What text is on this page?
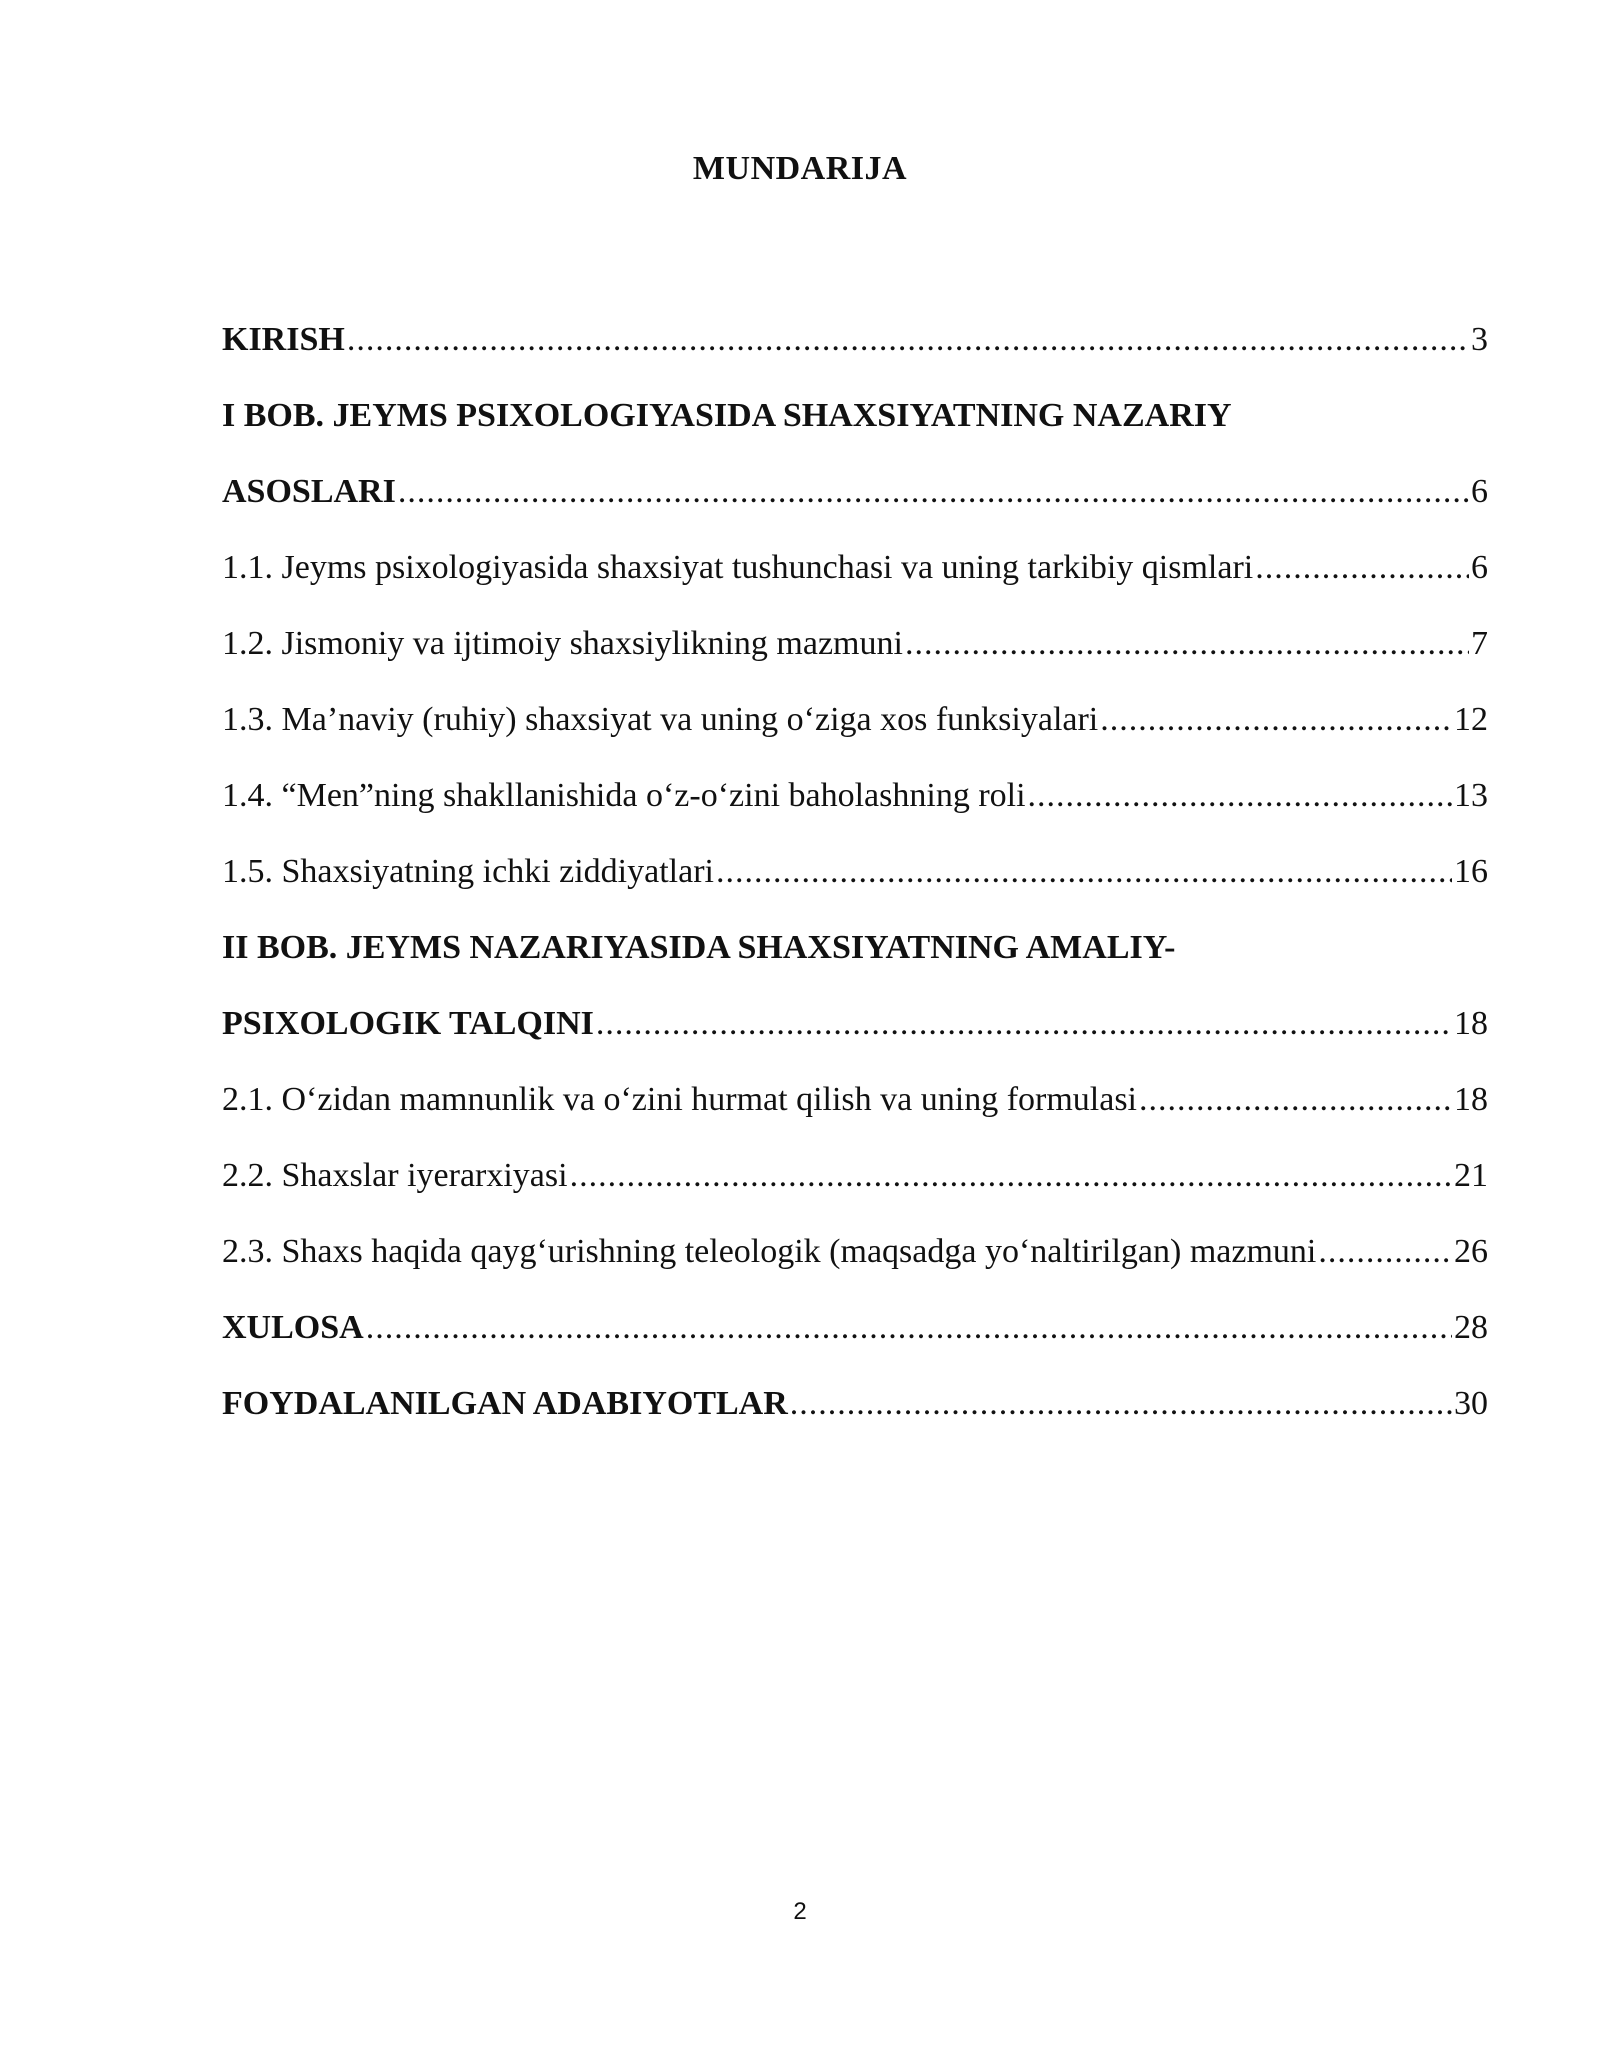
MUNDARIJA
KIRISH .....	3
I BOB. JEYMS PSIXOLOGIYASIDA SHAXSIYATNING NAZARIY
ASOSLARI .....	6
1.1. Jeyms psixologiyasida shaxsiyat tushunchasi va uning tarkibiy qismlari .....	6
1.2. Jismoniy va ijtimoiy shaxsiylikning mazmuni .....	7
1.3. Ma’naviy (ruhiy) shaxsiyat va uning o‘ziga xos funksiyalari .....	12
1.4. “Men”ning shakllanishida o‘z-o‘zini baholashning roli .....	13
1.5. Shaxsiyatning ichki ziddiyatlari .....	16
II BOB. JEYMS NAZARIYASIDA SHAXSIYATNING AMALIY-
PSIXOLOGIK TALQINI .....	18
2.1. O‘zidan mamnunlik va o‘zini hurmat qilish va uning formulasi .....	18
2.2. Shaxslar iyerarxiyasi .....	21
2.3. Shaxs haqida qayg‘urishning teleologik (maqsadga yo‘naltirilgan) mazmuni .....	26
XULOSA .....	28
FOYDALANILGAN ADABIYOTLAR .....	30
2
